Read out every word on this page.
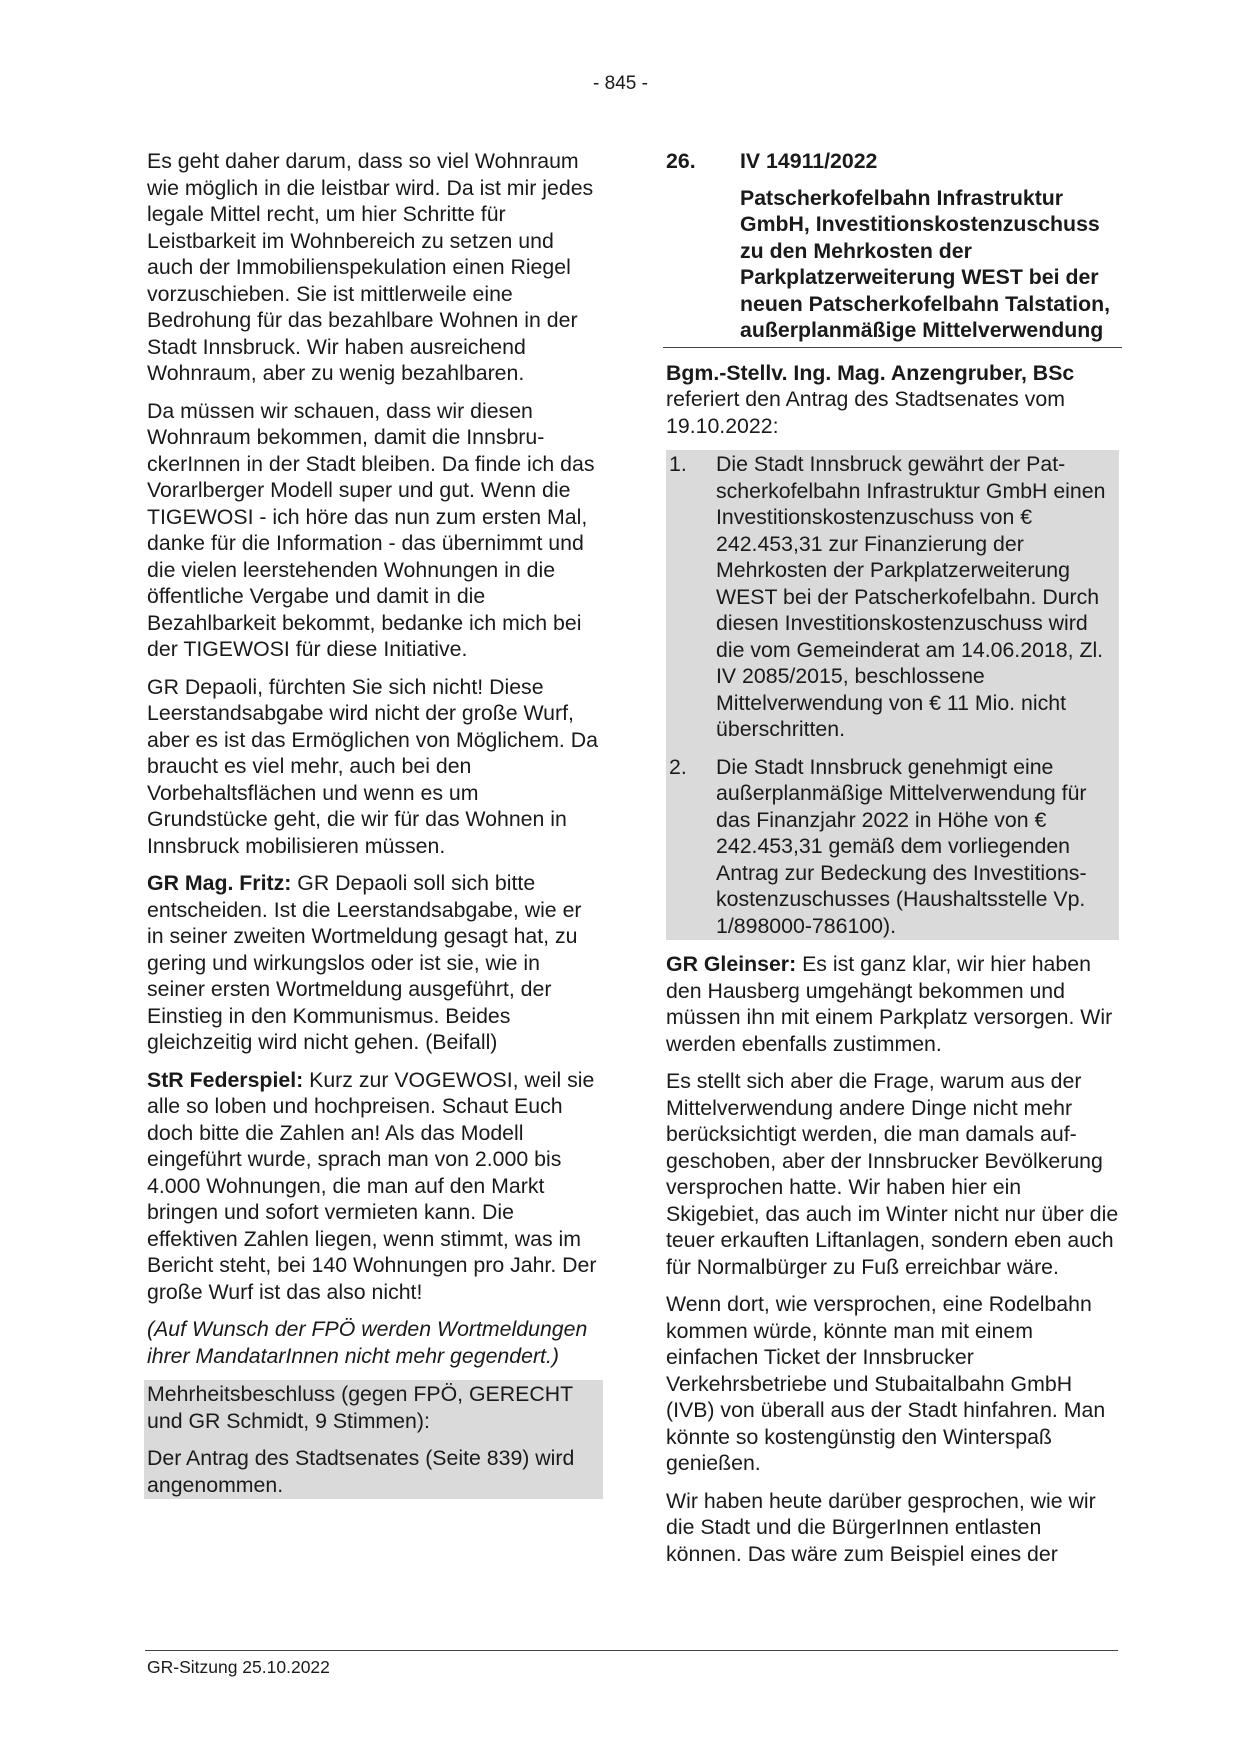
- 845 -

Es geht daher darum, dass so viel Wohnraum wie möglich in die leistbar wird. Da ist mir jedes legale Mittel recht, um hier Schritte für Leistbarkeit im Wohnbereich zu setzen und auch der Immobilienspekulation einen Riegel vorzuschieben. Sie ist mittlerweile eine Bedrohung für das bezahlbare Wohnen in der Stadt Innsbruck. Wir haben ausreichend Wohnraum, aber zu wenig bezahlbaren.

Da müssen wir schauen, dass wir diesen Wohnraum bekommen, damit die InnsbruckerInnen in der Stadt bleiben. Da finde ich das Vorarlberger Modell super und gut. Wenn die TIGEWOSI - ich höre das nun zum ersten Mal, danke für die Information - das übernimmt und die vielen leerstehenden Wohnungen in die öffentliche Vergabe und damit in die Bezahlbarkeit bekommt, bedanke ich mich bei der TIGEWOSI für diese Initiative.

GR Depaoli, fürchten Sie sich nicht! Diese Leerstandsabgabe wird nicht der große Wurf, aber es ist das Ermöglichen von Möglichem. Da braucht es viel mehr, auch bei den Vorbehaltsflächen und wenn es um Grundstücke geht, die wir für das Wohnen in Innsbruck mobilisieren müssen.

GR Mag. Fritz: GR Depaoli soll sich bitte entscheiden. Ist die Leerstandsabgabe, wie er in seiner zweiten Wortmeldung gesagt hat, zu gering und wirkungslos oder ist sie, wie in seiner ersten Wortmeldung ausgeführt, der Einstieg in den Kommunismus. Beides gleichzeitig wird nicht gehen. (Beifall)

StR Federspiel: Kurz zur VOGEWOSI, weil sie alle so loben und hochpreisen. Schaut Euch doch bitte die Zahlen an! Als das Modell eingeführt wurde, sprach man von 2.000 bis 4.000 Wohnungen, die man auf den Markt bringen und sofort vermieten kann. Die effektiven Zahlen liegen, wenn stimmt, was im Bericht steht, bei 140 Wohnungen pro Jahr. Der große Wurf ist das also nicht!

(Auf Wunsch der FPÖ werden Wortmeldungen ihrer MandatarInnen nicht mehr gegendert.)

Mehrheitsbeschluss (gegen FPÖ, GERECHT und GR Schmidt, 9 Stimmen):

Der Antrag des Stadtsenates (Seite 839) wird angenommen.

26.	IV 14911/2022
Patscherkofelbahn Infrastruktur GmbH, Investitionskostenzuschuss zu den Mehrkosten der Parkplatzerweiterung WEST bei der neuen Patscherkofelbahn Talstation, außerplanmäßige Mittelverwendung

Bgm.-Stellv. Ing. Mag. Anzengruber, BSc
referiert den Antrag des Stadtsenates vom 19.10.2022:

1.	Die Stadt Innsbruck gewährt der Patscherkofelbahn Infrastruktur GmbH einen Investitionskostenzuschuss von € 242.453,31 zur Finanzierung der Mehrkosten der Parkplatzerweiterung WEST bei der Patscherkofelbahn. Durch diesen Investitionskostenzuschuss wird die vom Gemeinderat am 14.06.2018, Zl. IV 2085/2015, beschlossene Mittelverwendung von € 11 Mio. nicht überschritten.
2.	Die Stadt Innsbruck genehmigt eine außerplanmäßige Mittelverwendung für das Finanzjahr 2022 in Höhe von € 242.453,31 gemäß dem vorliegenden Antrag zur Bedeckung des Investitionskostenzuschusses (Haushaltsstelle Vp. 1/898000-786100).

GR Gleinser: Es ist ganz klar, wir hier haben den Hausberg umgehängt bekommen und müssen ihn mit einem Parkplatz versorgen. Wir werden ebenfalls zustimmen.

Es stellt sich aber die Frage, warum aus der Mittelverwendung andere Dinge nicht mehr berücksichtigt werden, die man damals aufgeschoben, aber der Innsbrucker Bevölkerung versprochen hatte. Wir haben hier ein Skigebiet, das auch im Winter nicht nur über die teuer erkauften Liftanlagen, sondern eben auch für Normalbürger zu Fuß erreichbar wäre.

Wenn dort, wie versprochen, eine Rodelbahn kommen würde, könnte man mit einem einfachen Ticket der Innsbrucker Verkehrsbetriebe und Stubaitalbahn GmbH (IVB) von überall aus der Stadt hinfahren. Man könnte so kostengünstig den Winterspaß genießen.

Wir haben heute darüber gesprochen, wie wir die Stadt und die BürgerInnen entlasten können. Das wäre zum Beispiel eines der

GR-Sitzung 25.10.2022
